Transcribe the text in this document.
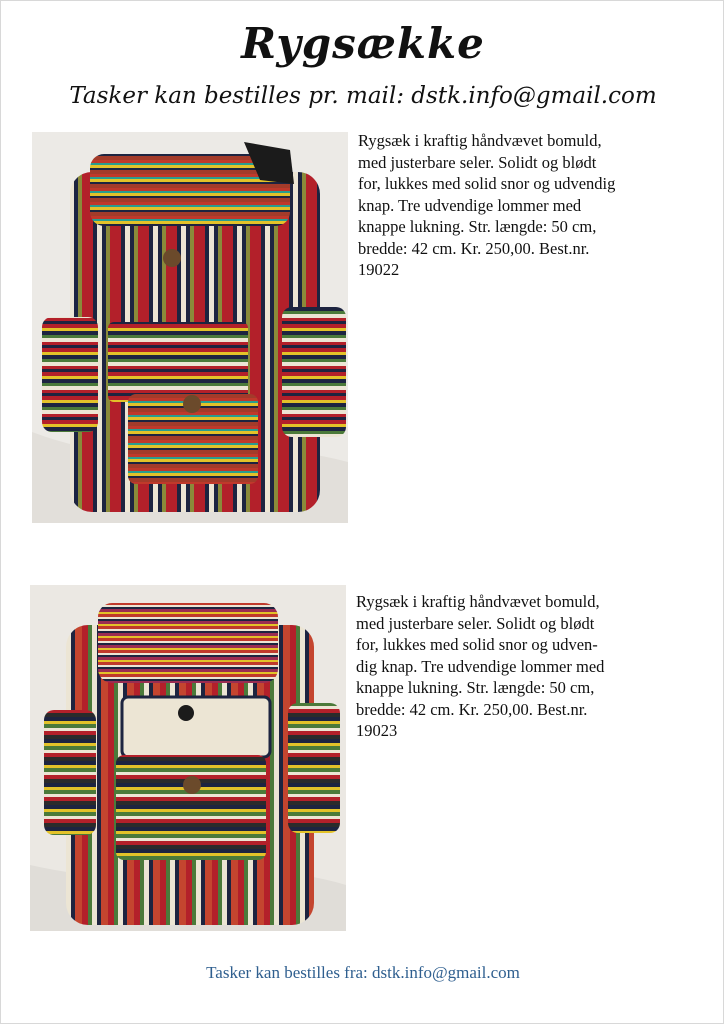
Rygsække
Tasker kan bestilles pr. mail: dstk.info@gmail.com
Rygsæk i kraftig håndvævet bomuld,
med justerbare seler. Solidt og blødt
for, lukkes med solid snor og udvendig
knap. Tre udvendige lommer med
knappe lukning. Str. længde: 50 cm,
bredde: 42 cm. Kr. 250,00. Best.nr.
19022
Rygsæk i kraftig håndvævet bomuld,
med justerbare seler. Solidt og blødt
for, lukkes med solid snor og udven-
dig knap. Tre udvendige lommer med
knappe lukning. Str. længde: 50 cm,
bredde: 42 cm. Kr. 250,00. Best.nr.
19023
Tasker kan bestilles fra: dstk.info@gmail.com
